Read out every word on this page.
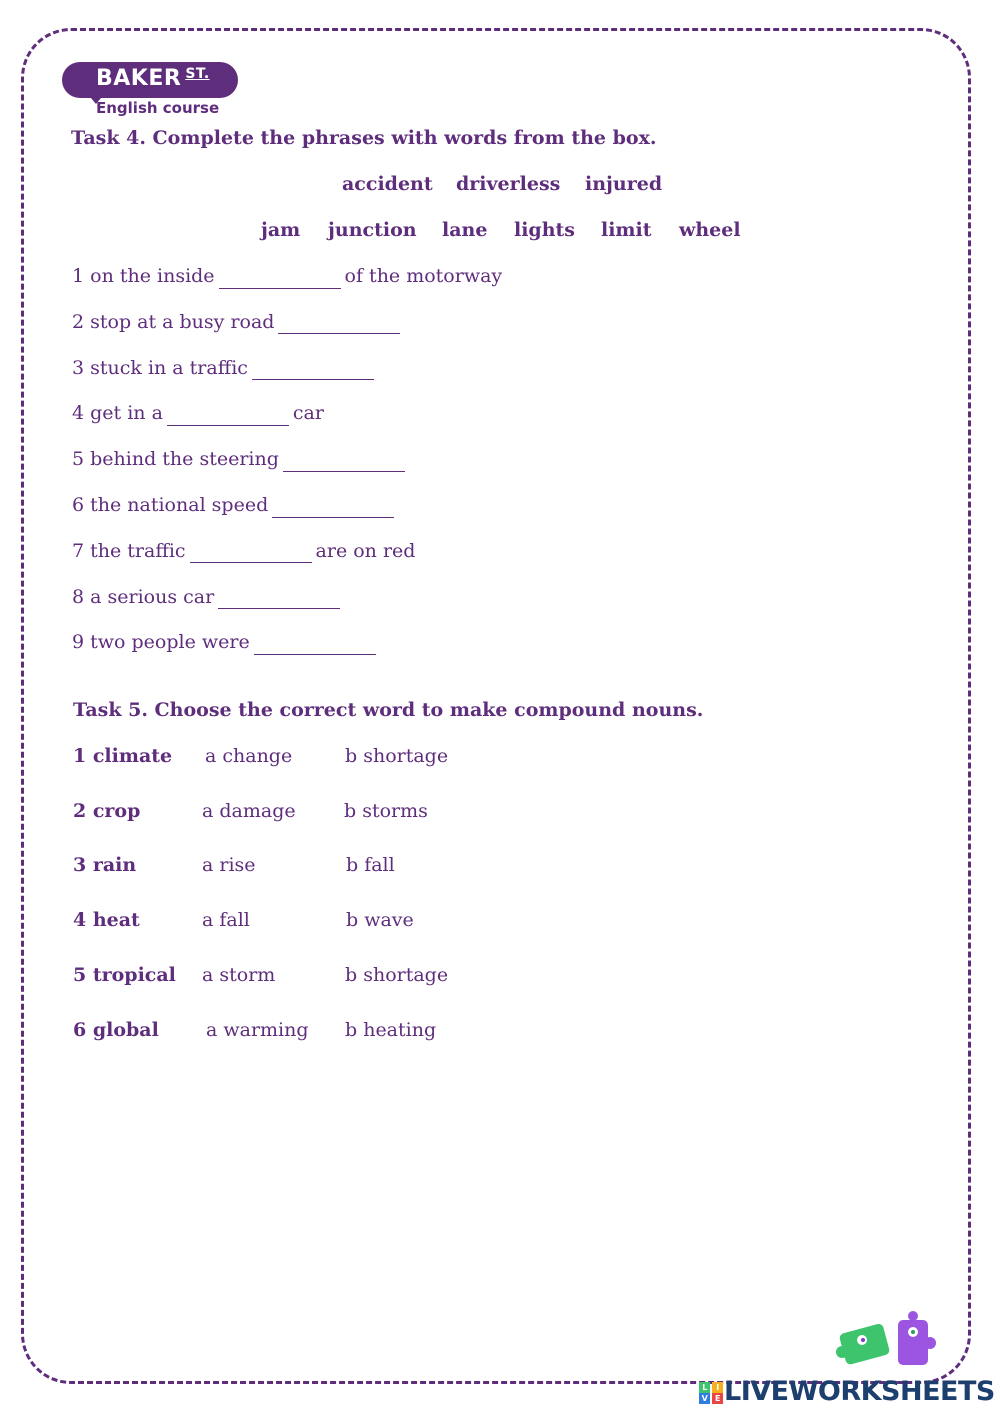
BAKER $^{ST.}$
English course
Task 4. Complete the phrases with words from the box.
Task 5. Choose the correct word to make compound nouns.
L IV E LIVEWORKSHEETS
accident driverless injured
jam junction lane lights limit wheel
1 on the inside	of the motorway
2 stop at a busy road
3 stuck in a traffic
4 get in a	car
5 behind the steering
6 the national speed
7 the traffic	are on red
8 a serious car
9 two people were
1 climate a change	b shortage
2 crop	a damage	b storms
3 rain	a rise	b fall
4 heat	a fall	b wave
5 tropical a storm	b shortage
6 global a warming b heating
